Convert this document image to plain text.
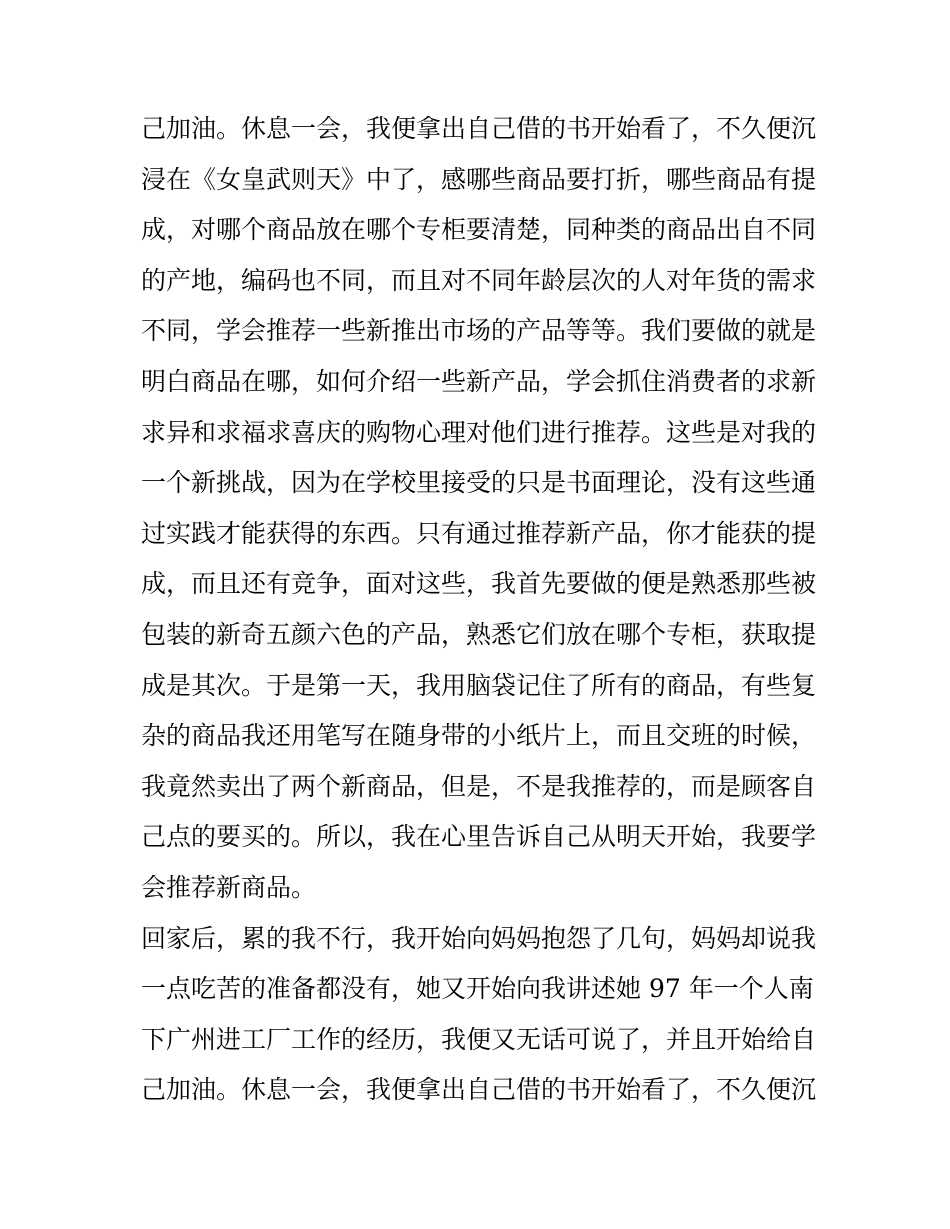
己加油。休息一会，我便拿出自己借的书开始看了，不久便沉
浸在《女皇武则天》中了，感哪些商品要打折，哪些商品有提
成，对哪个商品放在哪个专柜要清楚，同种类的商品出自不同
的产地，编码也不同，而且对不同年龄层次的人对年货的需求
不同，学会推荐一些新推出市场的产品等等。我们要做的就是
明白商品在哪，如何介绍一些新产品，学会抓住消费者的求新
求异和求福求喜庆的购物心理对他们进行推荐。这些是对我的
一个新挑战，因为在学校里接受的只是书面理论，没有这些通
过实践才能获得的东西。只有通过推荐新产品，你才能获的提
成，而且还有竞争，面对这些，我首先要做的便是熟悉那些被
包装的新奇五颜六色的产品，熟悉它们放在哪个专柜，获取提
成是其次。于是第一天，我用脑袋记住了所有的商品，有些复
杂的商品我还用笔写在随身带的小纸片上，而且交班的时候，
我竟然卖出了两个新商品，但是，不是我推荐的，而是顾客自
己点的要买的。所以，我在心里告诉自己从明天开始，我要学
会推荐新商品。
回家后，累的我不行，我开始向妈妈抱怨了几句，妈妈却说我
一点吃苦的准备都没有，她又开始向我讲述她 97 年一个人南
下广州进工厂工作的经历，我便又无话可说了，并且开始给自
己加油。休息一会，我便拿出自己借的书开始看了，不久便沉
